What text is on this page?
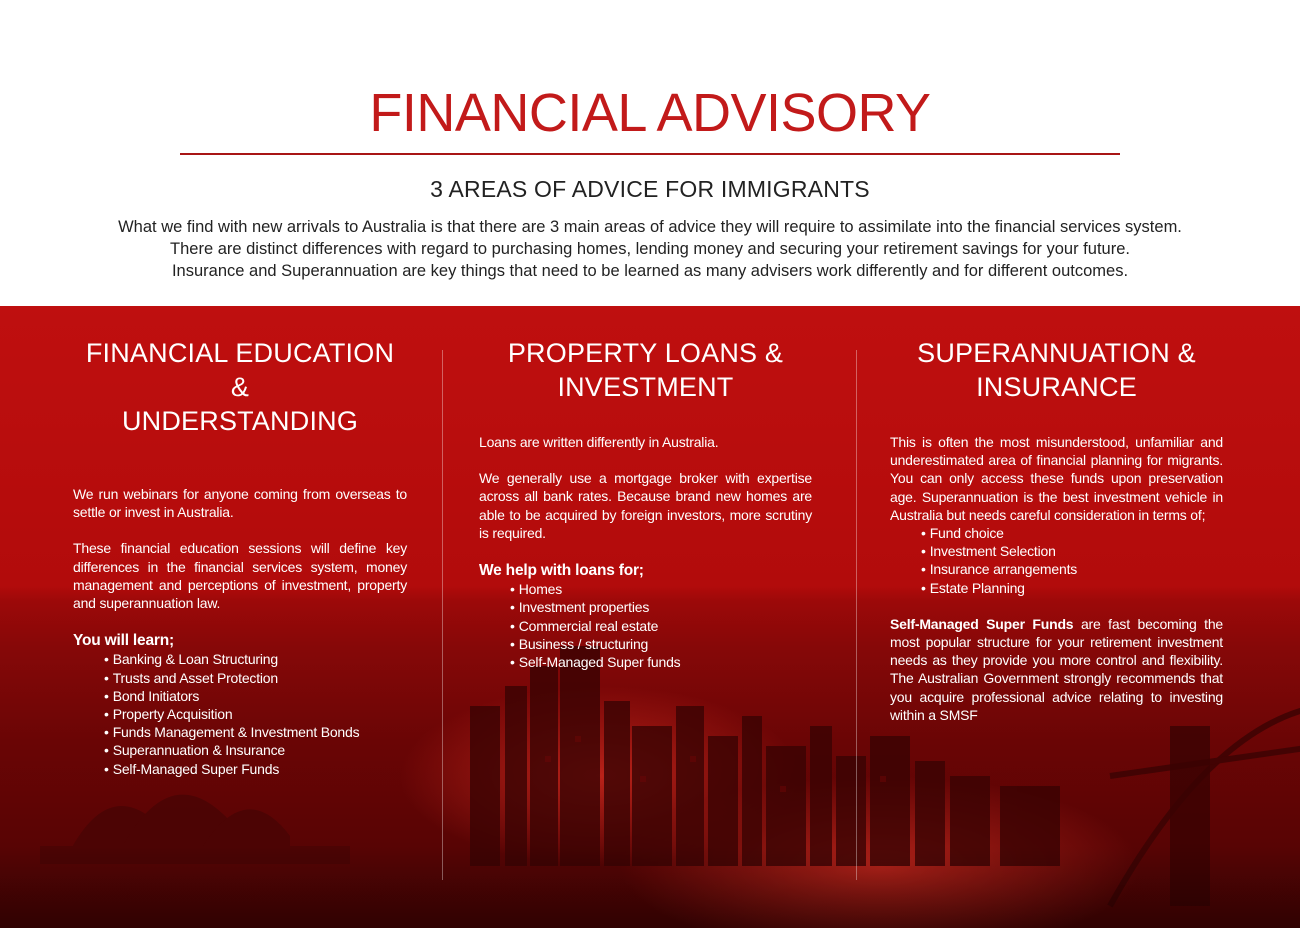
FINANCIAL ADVISORY
3 AREAS OF ADVICE FOR IMMIGRANTS
What we find with new arrivals to Australia is that there are 3 main areas of advice they will require to assimilate into the financial services system.
There are distinct differences with regard to purchasing homes, lending money and securing your retirement savings for your future.
Insurance and Superannuation are key things that need to be learned as many advisers work differently and for different outcomes.
FINANCIAL EDUCATION &
UNDERSTANDING

We run webinars for anyone coming from overseas to settle or invest in Australia.

These financial education sessions will define key differences in the financial services system, money management and perceptions of investment, property and superannuation law.

You will learn;

• Banking & Loan Structuring
• Trusts and Asset Protection
• Bond Initiators
• Property Acquisition
• Funds Management & Investment Bonds
• Superannuation & Insurance
• Self-Managed Super Funds
PROPERTY LOANS &
INVESTMENT

Loans are written differently in Australia.

We generally use a mortgage broker with expertise across all bank rates. Because brand new homes are able to be acquired by foreign investors, more scrutiny is required.

We help with loans for;

• Homes
• Investment properties
• Commercial real estate
• Business / structuring
• Self-Managed Super funds
SUPERANNUATION &
INSURANCE

This is often the most misunderstood, unfamiliar and underestimated area of financial planning for migrants. You can only access these funds upon preservation age. Superannuation is the best investment vehicle in Australia but needs careful consideration in terms of;

• Fund choice
• Investment Selection
• Insurance arrangements
• Estate Planning

Self-Managed Super Funds are fast becoming the most popular structure for your retirement investment needs as they provide you more control and flexibility. The Australian Government strongly recommends that you acquire professional advice relating to investing within a SMSF
